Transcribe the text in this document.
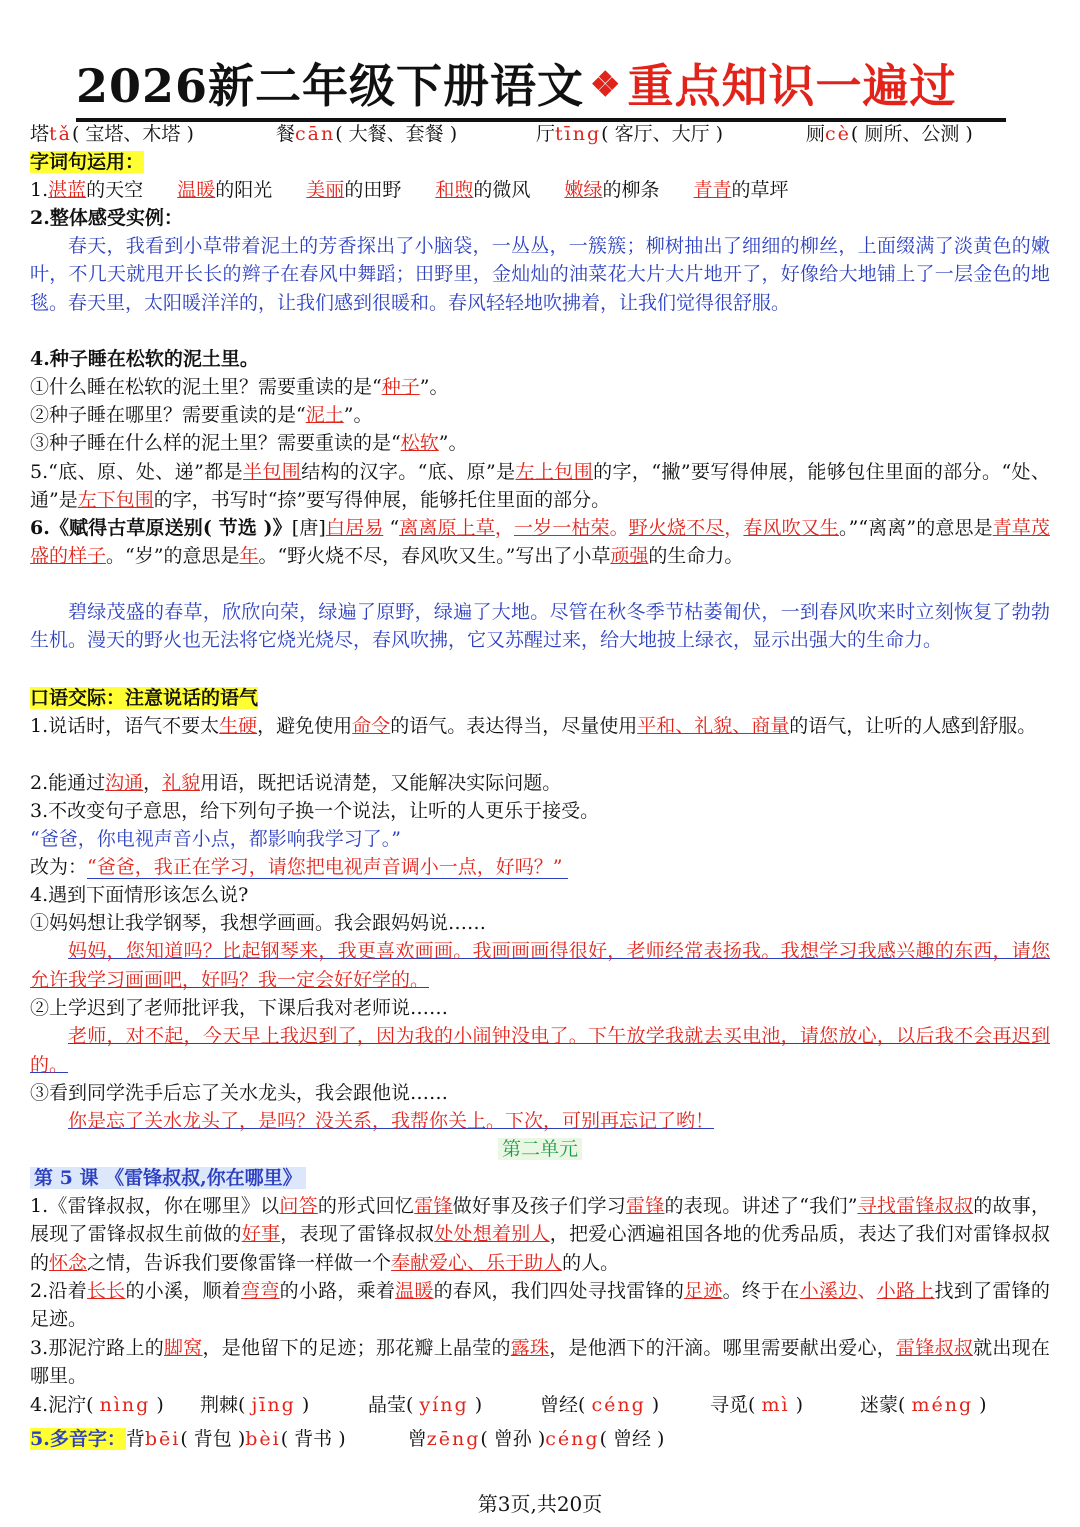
2026新二年级下册语文 ❖ 重点知识一遍过
塔tǎ( 宝塔、木塔 )	餐cān( 大餐、套餐 )	厅tīng( 客厅、大厅 )	厕cè( 厕所、公测 )
字词句运用：
1.湛蓝的天空 温暖的阳光 美丽的田野 和煦的微风 嫩绿的柳条 青青的草坪
2.整体感受实例：
春天，我看到小草带着泥土的芳香探出了小脑袋，一丛丛，一簇簇；柳树抽出了细细的柳丝，上面缀满了淡黄色的嫩叶，不几天就甩开长长的辫子在春风中舞蹈；田野里，金灿灿的油菜花大片大片地开了，好像给大地铺上了一层金色的地毯。春天里，太阳暖洋洋的，让我们感到很暖和。春风轻轻地吹拂着，让我们觉得很舒服。
4.种子睡在松软的泥土里。
①什么睡在松软的泥土里？需要重读的是“种子”。
②种子睡在哪里？需要重读的是“泥土”。
③种子睡在什么样的泥土里？需要重读的是“松软”。
5.“底、原、处、递”都是半包围结构的汉字。“底、原”是左上包围的字，“撇”要写得伸展，能够包住里面的部分。“处、通”是左下包围的字，书写时“捺”要写得伸展，能够托住里面的部分。
6.《赋得古草原送别( 节选 )》[唐]白居易 “离离原上草，一岁一枯荣。野火烧不尽，春风吹又生。”“离离”的意思是青草茂盛的样子。“岁”的意思是年。“野火烧不尽，春风吹又生。”写出了小草顽强的生命力。
碧绿茂盛的春草，欣欣向荣，绿遍了原野，绿遍了大地。尽管在秋冬季节枯萎匍伏，一到春风吹来时立刻恢复了勃勃生机。漫天的野火也无法将它烧光烧尽，春风吹拂，它又苏醒过来，给大地披上绿衣，显示出强大的生命力。
口语交际：注意说话的语气
1.说话时，语气不要太生硬，避免使用命令的语气。表达得当，尽量使用平和、礼貌、商量的语气，让听的人感到舒服。
2.能通过沟通，礼貌用语，既把话说清楚，又能解决实际问题。
3.不改变句子意思，给下列句子换一个说法，让听的人更乐于接受。
“爸爸，你电视声音小点，都影响我学习了。”
改为：“爸爸，我正在学习，请您把电视声音调小一点，好吗？”
4.遇到下面情形该怎么说?
①妈妈想让我学钢琴，我想学画画。我会跟妈妈说……
妈妈，您知道吗？比起钢琴来，我更喜欢画画。我画画画得很好，老师经常表扬我。我想学习我感兴趣的东西，请您允许我学习画画吧，好吗？我一定会好好学的。
②上学迟到了老师批评我，下课后我对老师说……
老师，对不起，今天早上我迟到了，因为我的小闹钟没电了。下午放学我就去买电池，请您放心，以后我不会再迟到的。
③看到同学洗手后忘了关水龙头，我会跟他说……
你是忘了关水龙头了，是吗？没关系，我帮你关上。下次，可别再忘记了哟！
第二单元
第 5 课 《雷锋叔叔,你在哪里》
1.《雷锋叔叔，你在哪里》以问答的形式回忆雷锋做好事及孩子们学习雷锋的表现。讲述了“我们”寻找雷锋叔叔的故事，展现了雷锋叔叔生前做的好事，表现了雷锋叔叔处处想着别人，把爱心洒遍祖国各地的优秀品质，表达了我们对雷锋叔叔的怀念之情，告诉我们要像雷锋一样做一个奉献爱心、乐于助人的人。
2.沿着长长的小溪，顺着弯弯的小路，乘着温暖的春风，我们四处寻找雷锋的足迹。终于在小溪边、小路上找到了雷锋的足迹。
3.那泥泞路上的脚窝，是他留下的足迹；那花瓣上晶莹的露珠，是他洒下的汗滴。哪里需要献出爱心，雷锋叔叔就出现在哪里。
4.泥泞( nìng ) 荆棘( jīng )	晶莹( yíng )	曾经( céng )	寻觅( mì )	迷蒙( méng )
5.多音字：背bēi( 背包 )bèi( 背书 )	曾zēng( 曾孙 )céng( 曾经 )
第3页,共20页
